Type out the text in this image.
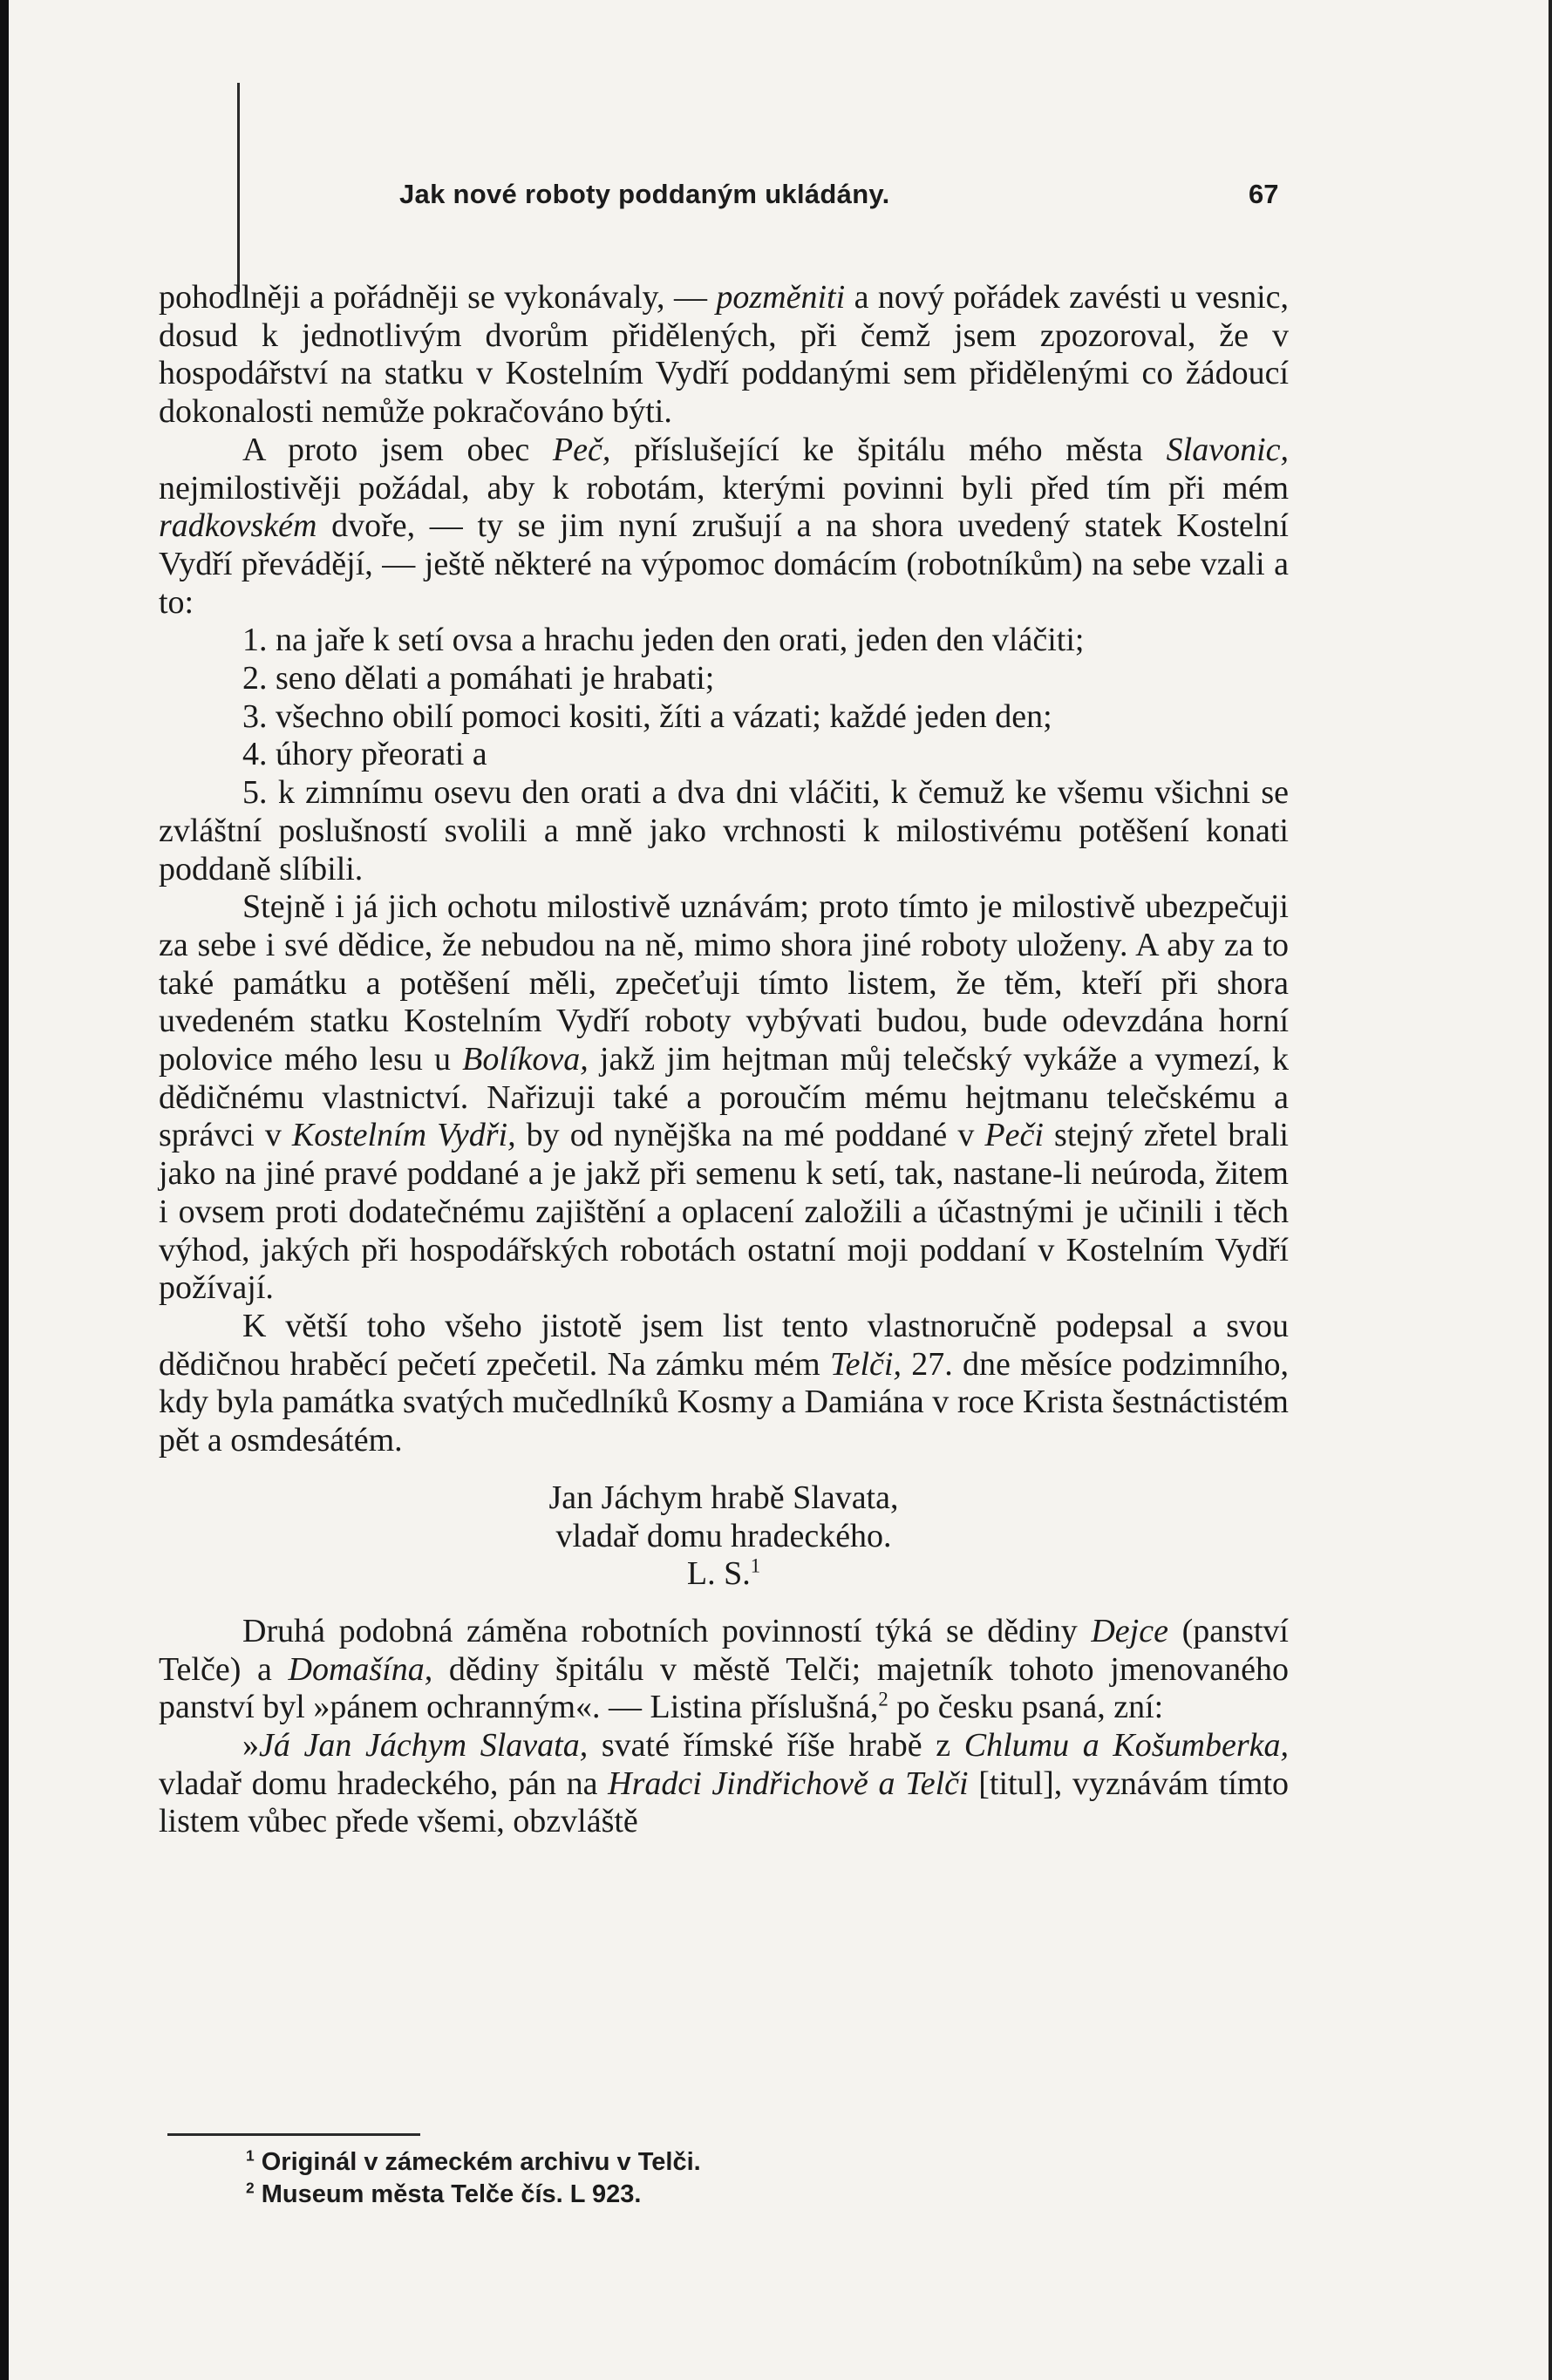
Jak nové roboty poddaným ukládány.	67

pohodlněji a pořádněji se vykonávaly, — pozměniti a nový pořádek zavésti u vesnic, dosud k jednotlivým dvorům přidělených, při čemž jsem zpozoroval, že v hospodářství na statku v Kostelním Vydří poddanými sem přidělenými co žádoucí dokonalosti nemůže pokračováno býti.

A proto jsem obec Peč, příslušející ke špitálu mého města Slavonic, nejmilostivěji požádal, aby k robotám, kterými povinni byli před tím při mém radkovském dvoře, — ty se jim nyní zrušují a na shora uvedený statek Kostelní Vydří převádějí, — ještě některé na výpomoc domácím (robotníkům) na sebe vzali a to:

1. na jaře k setí ovsa a hrachu jeden den orati, jeden den vláčiti;

2. seno dělati a pomáhati je hrabati;

3. všechno obilí pomoci kositi, žíti a vázati; každé jeden den;

4. úhory přeorati a

5. k zimnímu osevu den orati a dva dni vláčiti, k čemuž ke všemu všichni se zvláštní poslušností svolili a mně jako vrchnosti k milostivému potěšení konati poddaně slíbili.

Stejně i já jich ochotu milostivě uznávám; proto tímto je milostivě ubezpečuji za sebe i své dědice, že nebudou na ně, mimo shora jiné roboty uloženy. A aby za to také památku a potěšení měli, zpečeťuji tímto listem, že těm, kteří při shora uvedeném statku Kostelním Vydří roboty vybývati budou, bude odevzdána horní polovice mého lesu u Bolíkova, jakž jim hejtman můj telečský vykáže a vymezí, k dědičnému vlastnictví. Nařizuji také a poroučím mému hejtmanu telečskému a správci v Kostelním Vydři, by od nynějška na mé poddané v Peči stejný zřetel brali jako na jiné pravé poddané a je jakž při semenu k setí, tak, nastane-li neúroda, žitem i ovsem proti dodatečnému zajištění a oplacení založili a účastnými je učinili i těch výhod, jakých při hospodářských robotách ostatní moji poddaní v Kostelním Vydří požívají.

K větší toho všeho jistotě jsem list tento vlastnoručně podepsal a svou dědičnou hraběcí pečetí zpečetil. Na zámku mém Telči, 27. dne měsíce podzimního, kdy byla památka svatých mučedlníků Kosmy a Damiána v roce Krista šestnáctistém pět a osmdesátém.

Jan Jáchym hrabě Slavata,

vladař domu hradeckého.

L. S.$^1$

Druhá podobná záměna robotních povinností týká se dědiny Dejce (panství Telče) a Domašína, dědiny špitálu v městě Telči; majetník tohoto jmenovaného panství byl »pánem ochranným«. — Listina příslušná,$^2$ po česku psaná, zní:

»Já Jan Jáchym Slavata, svaté římské říše hrabě z Chlumu a Košumberka, vladař domu hradeckého, pán na Hradci Jindřichově a Telči [titul], vyznávám tímto listem vůbec přede všemi, obzvláště

$^1$ Originál v zámeckém archivu v Telči.
$^2$ Museum města Telče čís. L 923.
